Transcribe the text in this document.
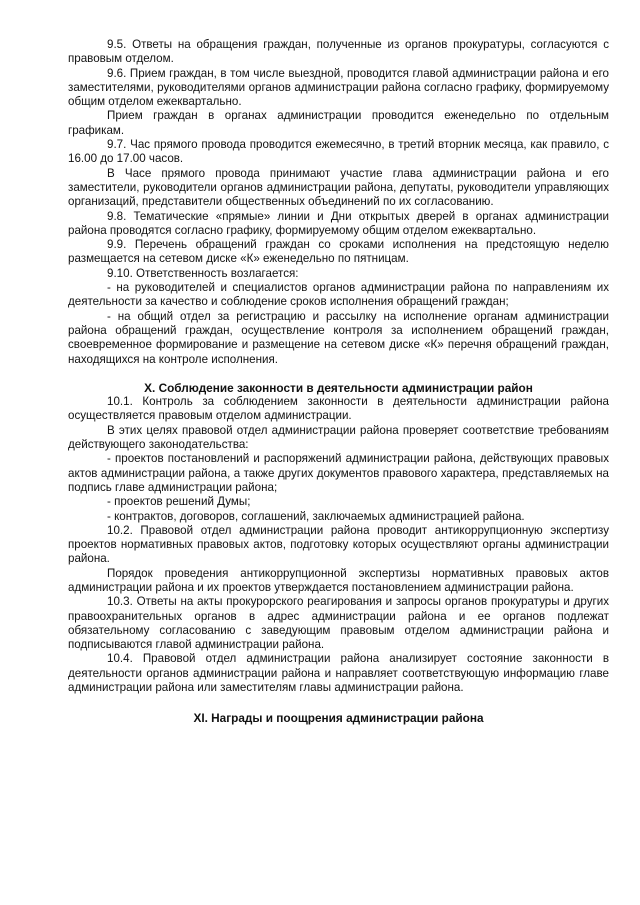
9.5. Ответы на обращения граждан, полученные из органов прокуратуры, согласуются с правовым отделом.

9.6. Прием граждан, в том числе выездной, проводится главой администрации района и его заместителями, руководителями органов администрации района согласно графику, формируемому общим отделом ежеквартально.

Прием граждан в органах администрации проводится еженедельно по отдельным графикам.

9.7. Час прямого провода проводится ежемесячно, в третий вторник месяца, как правило, с 16.00 до 17.00 часов.

В Часе прямого провода принимают участие глава администрации района и его заместители, руководители органов администрации района, депутаты, руководители управляющих организаций, представители общественных объединений по их согласованию.

9.8. Тематические «прямые» линии и Дни открытых дверей в органах администрации района проводятся согласно графику, формируемому общим отделом ежеквартально.

9.9. Перечень обращений граждан со сроками исполнения на предстоящую неделю размещается на сетевом диске «К» еженедельно по пятницам.

9.10. Ответственность возлагается:

- на руководителей и специалистов органов администрации района по направлениям их деятельности за качество и соблюдение сроков исполнения обращений граждан;

- на общий отдел за регистрацию и рассылку на исполнение органам администрации района обращений граждан, осуществление контроля за исполнением обращений граждан, своевременное формирование и размещение на сетевом диске «К» перечня обращений граждан, находящихся на контроле исполнения.

X. Соблюдение законности в деятельности администрации район

10.1. Контроль за соблюдением законности в деятельности администрации района осуществляется правовым отделом администрации.

В этих целях правовой отдел администрации района проверяет соответствие требованиям действующего законодательства:

- проектов постановлений и распоряжений администрации района, действующих правовых актов администрации района, а также других документов правового характера, представляемых на подпись главе администрации района;

- проектов решений Думы;

- контрактов, договоров, соглашений, заключаемых администрацией района.

10.2. Правовой отдел администрации района проводит антикоррупционную экспертизу проектов нормативных правовых актов, подготовку которых осуществляют органы администрации района.

Порядок проведения антикоррупционной экспертизы нормативных правовых актов администрации района и их проектов утверждается постановлением администрации района.

10.3. Ответы на акты прокурорского реагирования и запросы органов прокуратуры и других правоохранительных органов в адрес администрации района и ее органов подлежат обязательному согласованию с заведующим правовым отделом администрации района и подписываются главой администрации района.

10.4. Правовой отдел администрации района анализирует состояние законности в деятельности органов администрации района и направляет соответствующую информацию главе администрации района или заместителям главы администрации района.

XI. Награды и поощрения администрации района
